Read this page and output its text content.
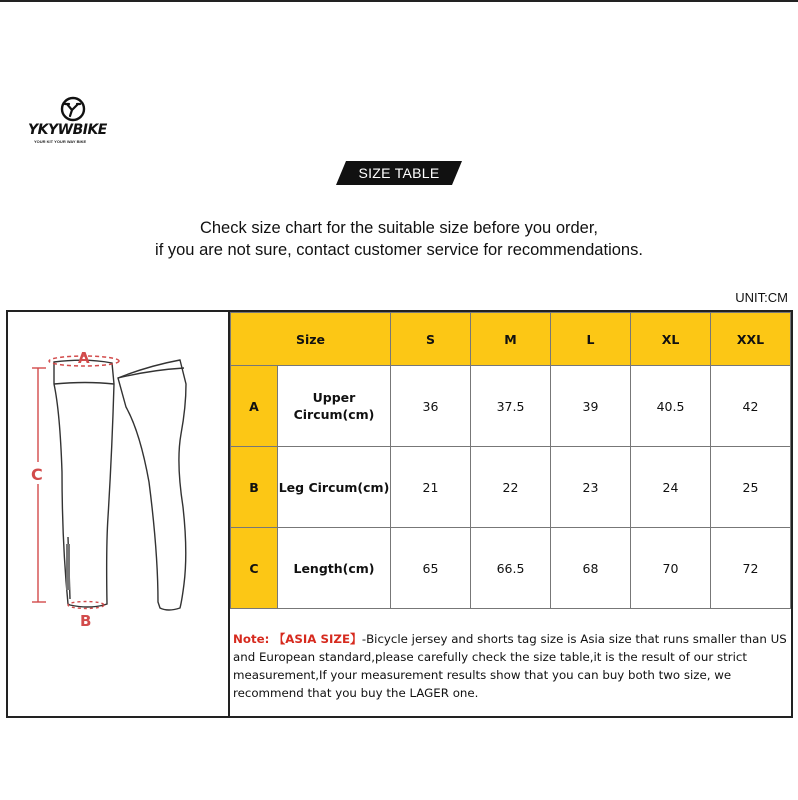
YKYWBIKE
YOUR KIT YOUR WAY BIKE
SIZE TABLE
Check size chart for the suitable size before you order,
if you are not sure, contact customer service for recommendations.
UNIT:CM
A
C
B
Size		S	M	L	XL	XXL
A	Upper Circum(cm)	36	37.5	39	40.5	42
B	Leg Circum(cm)	21	22	23	24	25
C	Length(cm)	65	66.5	68	70	72
Note: 【ASIA SIZE】-Bicycle jersey and shorts tag size is Asia size that runs smaller than US and European standard,please carefully check the size table,it is the result of our strict measurement,If your measurement results show that you can buy both two size, we recommend that you buy the LAGER one.
